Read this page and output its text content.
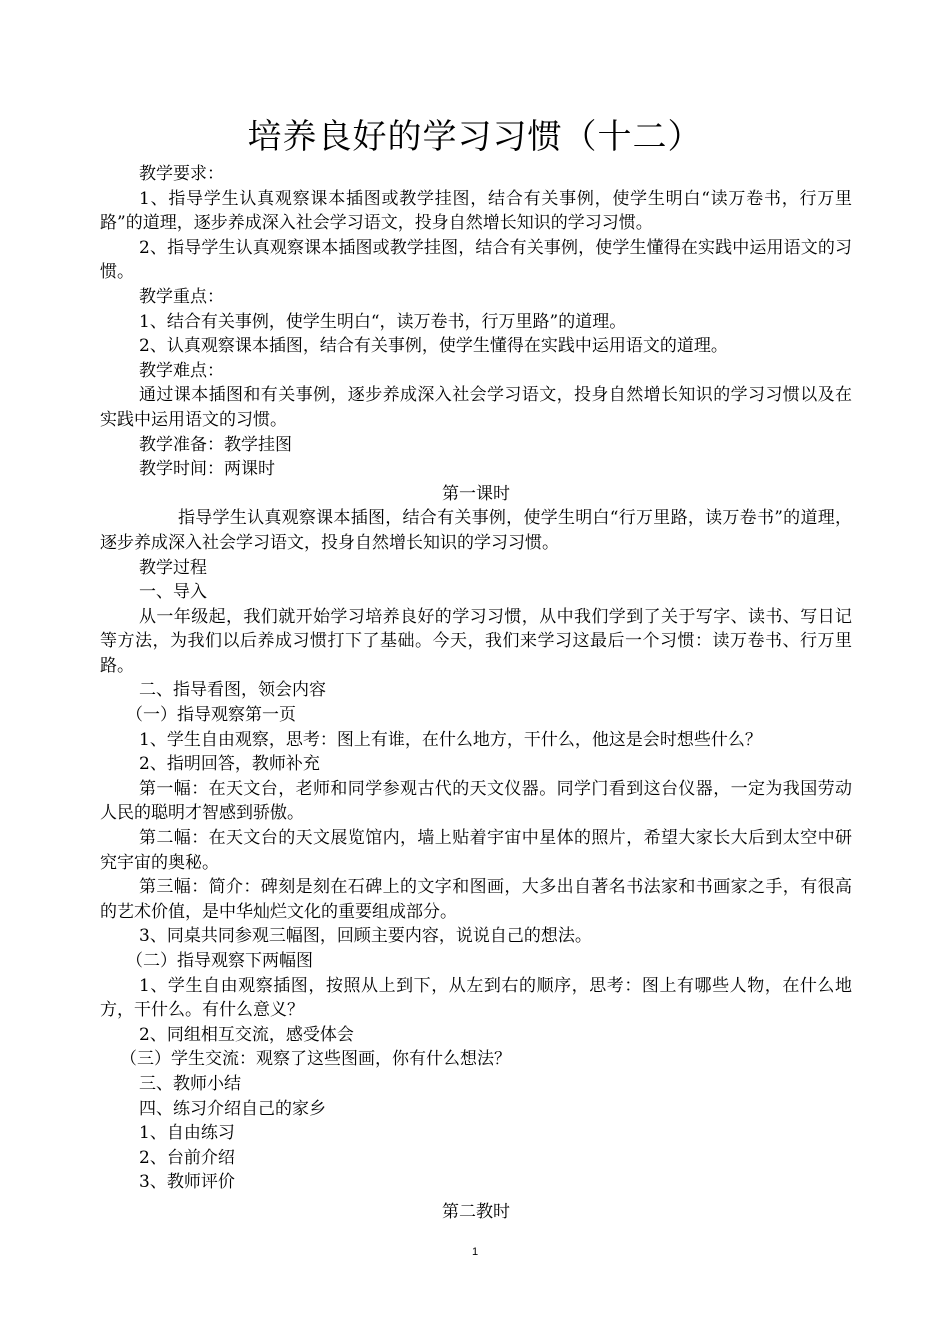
培养良好的学习习惯（十二）

教学要求：

1、指导学生认真观察课本插图或教学挂图，结合有关事例，使学生明白“读万卷书，行万里路”的道理，逐步养成深入社会学习语文，投身自然增长知识的学习习惯。

2、指导学生认真观察课本插图或教学挂图，结合有关事例，使学生懂得在实践中运用语文的习惯。

教学重点：

1、结合有关事例，使学生明白“，读万卷书，行万里路”的道理。

2、认真观察课本插图，结合有关事例，使学生懂得在实践中运用语文的道理。

教学难点：

通过课本插图和有关事例，逐步养成深入社会学习语文，投身自然增长知识的学习习惯以及在实践中运用语文的习惯。

教学准备：教学挂图

教学时间：两课时

第一课时

指导学生认真观察课本插图，结合有关事例，使学生明白“行万里路，读万卷书”的道理，逐步养成深入社会学习语文，投身自然增长知识的学习习惯。

教学过程

一、导入

从一年级起，我们就开始学习培养良好的学习习惯，从中我们学到了关于写字、读书、写日记等方法，为我们以后养成习惯打下了基础。今天，我们来学习这最后一个习惯：读万卷书、行万里路。

二、指导看图，领会内容

（一）指导观察第一页

1、学生自由观察，思考：图上有谁，在什么地方，干什么，他这是会时想些什么？

2、指明回答，教师补充

第一幅：在天文台，老师和同学参观古代的天文仪器。同学门看到这台仪器，一定为我国劳动人民的聪明才智感到骄傲。

第二幅：在天文台的天文展览馆内，墙上贴着宇宙中星体的照片，希望大家长大后到太空中研究宇宙的奥秘。

第三幅：简介：碑刻是刻在石碑上的文字和图画，大多出自著名书法家和书画家之手，有很高的艺术价值，是中华灿烂文化的重要组成部分。

3、同桌共同参观三幅图，回顾主要内容，说说自己的想法。

（二）指导观察下两幅图

1、学生自由观察插图，按照从上到下，从左到右的顺序，思考：图上有哪些人物，在什么地方，干什么。有什么意义？

2、同组相互交流，感受体会

（三）学生交流：观察了这些图画，你有什么想法？

三、教师小结

四、练习介绍自己的家乡

1、自由练习

2、台前介绍

3、教师评价

第二教时

1
